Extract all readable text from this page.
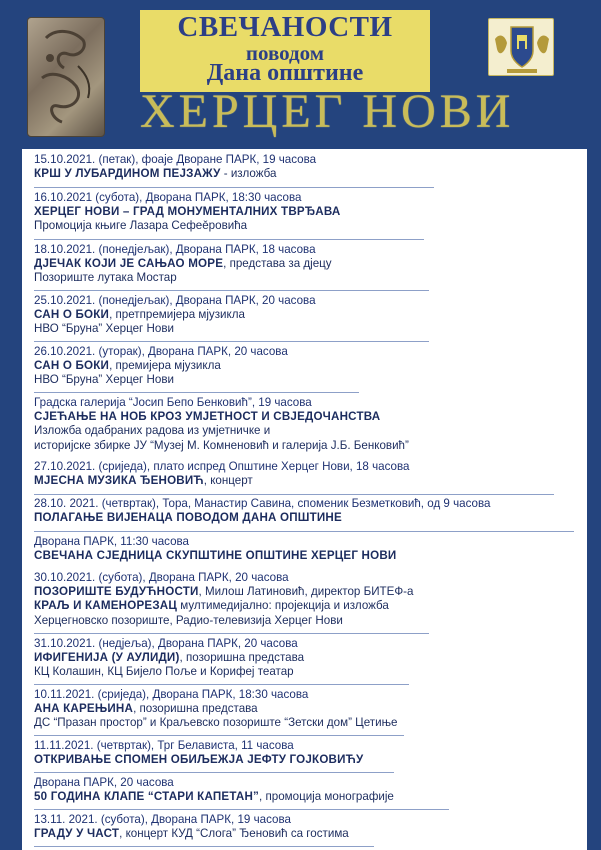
СВЕЧАНОСТИ
поводом
Дана општине
ХЕРЦЕГ НОВИ
15.10.2021. (петак), фоаје Дворане ПАРК, 19 часова
КРШ У ЛУБАРДИНОМ ПЕЈЗАЖУ - изложба
16.10.2021 (субота), Дворана ПАРК, 18:30 часова
ХЕРЦЕГ НОВИ – ГРАД МОНУМЕНТАЛНИХ ТВРЂАВА
Промоција књиге Лазара Сефеěровића
18.10.2021. (понедјељак), Дворана ПАРК, 18 часова
ДЈЕЧАК КОЈИ ЈЕ САЊАО МОРЕ, представа за дјецу
Позориште лутака Мостар
25.10.2021. (понедјељак), Дворана ПАРК, 20 часова
САН О БОКИ, претпремијера мјузикла
НВО “Бруна” Херцег Нови
26.10.2021. (уторак), Дворана ПАРК, 20 часова
САН О БОКИ, премијера мјузикла
НВО “Бруна” Херцег Нови
Градска галерија “Јосип Бепо Бенковић”, 19 часова
СЈЕЋАЊЕ НА НОБ КРОЗ УМЈЕТНОСТ И СВЈЕДОЧАНСТВА
Изложба одабраних радова из умјетничке и
историјске збирке ЈУ “Музеј М. Комненовић и галерија Ј.Б. Бенковић”
27.10.2021. (сриједа), плато испред Општине Херцег Нови, 18 часова
МЈЕСНА МУЗИКА ЂЕНОВИЋ, концерт
28.10. 2021. (четвртак), Тора, Манастир Савина, споменик Безметковић, од 9 часова
ПОЛАГАЊЕ ВИЈЕНАЦА ПОВОДОМ ДАНА ОПШТИНЕ
Дворана ПАРК, 11:30 часова
СВЕЧАНА СЈЕДНИЦА СКУПШТИНЕ ОПШТИНЕ ХЕРЦЕГ НОВИ
30.10.2021. (субота), Дворана ПАРК, 20 часова
ПОЗОРИШТЕ БУДУЋНОСТИ, Милош Латиновић, директор БИТЕФ-а
КРАЉ И КАМЕНОРЕЗАЦ мултимедијално: пројекција и изложба
Херцегновско позориште, Радио-телевизија Херцег Нови
31.10.2021. (недјеља), Дворана ПАРК, 20 часова
ИФИГЕНИЈА (У АУЛИДИ), позоришна представа
КЦ Колашин, КЦ Бијело Поље и Корифеј театар
10.11.2021. (сриједа), Дворана ПАРК, 18:30 часова
АНА КАРЕЊИНА, позоришна представа
ДС “Празан простор” и Краљевско позориште “Зетски дом” Цетиње
11.11.2021. (четвртак), Трг Белависта, 11 часова
ОТКРИВАЊЕ СПОМЕН ОБИЉЕЖЈА ЈЕФТУ ГОЈКОВИЋУ
Дворана ПАРК, 20 часова
50 ГОДИНА КЛАПЕ “СТАРИ КАПЕТАН”, промоција монографије
13.11. 2021. (субота), Дворана ПАРК, 19 часова
ГРАДУ У ЧАСТ, концерт КУД “Слога” Ђеновић са гостима
